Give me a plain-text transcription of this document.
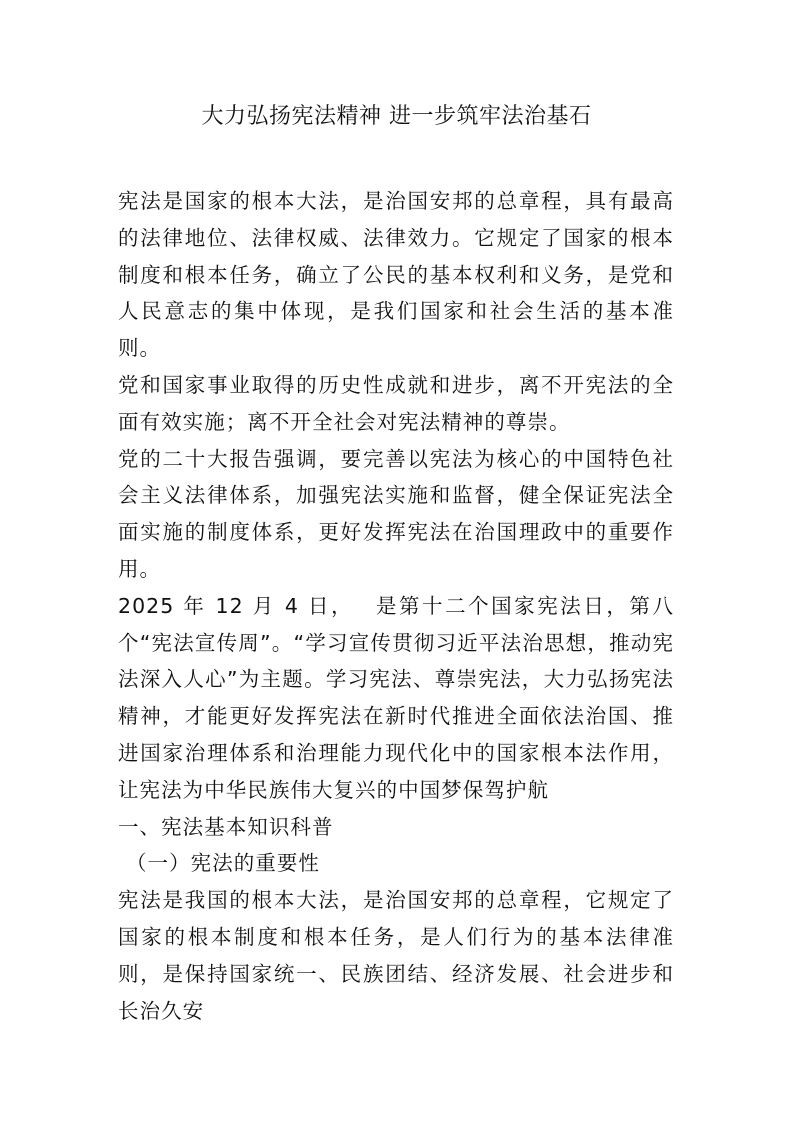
大力弘扬宪法精神 进一步筑牢法治基石

宪法是国家的根本大法，是治国安邦的总章程，具有最高的法律地位、法律权威、法律效力。它规定了国家的根本制度和根本任务，确立了公民的基本权利和义务，是党和人民意志的集中体现，是我们国家和社会生活的基本准则。

党和国家事业取得的历史性成就和进步，离不开宪法的全面有效实施；离不开全社会对宪法精神的尊崇。

党的二十大报告强调，要完善以宪法为核心的中国特色社会主义法律体系，加强宪法实施和监督，健全保证宪法全面实施的制度体系，更好发挥宪法在治国理政中的重要作用。

2025 年 12 月 4 日，　 是第十二个国家宪法日，第八个“宪法宣传周”。“学习宣传贯彻习近平法治思想，推动宪法深入人心”为主题。学习宪法、尊崇宪法，大力弘扬宪法精神，才能更好发挥宪法在新时代推进全面依法治国、推进国家治理体系和治理能力现代化中的国家根本法作用，让宪法为中华民族伟大复兴的中国梦保驾护航

一、宪法基本知识科普

（一）宪法的重要性

宪法是我国的根本大法，是治国安邦的总章程，它规定了国家的根本制度和根本任务，是人们行为的基本法律准则，是保持国家统一、民族团结、经济发展、社会进步和长治久安
